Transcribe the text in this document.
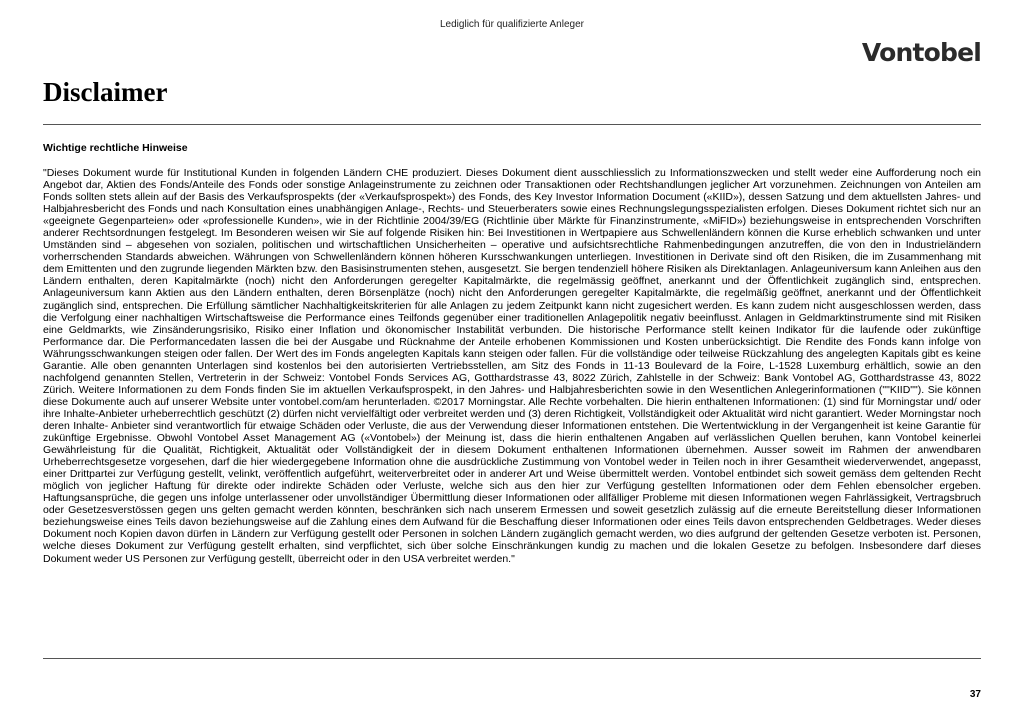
Lediglich für qualifizierte Anleger
Vontobel
Disclaimer
Wichtige rechtliche Hinweise

"Dieses Dokument wurde für Institutional Kunden in folgenden Ländern CHE produziert. Dieses Dokument dient ausschliesslich zu Informationszwecken und stellt weder eine Aufforderung noch ein Angebot dar, Aktien des Fonds/Anteile des Fonds oder sonstige Anlageinstrumente zu zeichnen oder Transaktionen oder Rechtshandlungen jeglicher Art vorzunehmen. Zeichnungen von Anteilen am Fonds sollten stets allein auf der Basis des Verkaufsprospekts (der «Verkaufsprospekt») des Fonds, des Key Investor Information Document («KIID»), dessen Satzung und dem aktuellsten Jahres- und Halbjahresbericht des Fonds und nach Konsultation eines unabhängigen Anlage-, Rechts- und Steuerberaters sowie eines Rechnungslegungsspezialisten erfolgen. Dieses Dokument richtet sich nur an «geeignete Gegenparteien» oder «professionelle Kunden», wie in der Richtlinie 2004/39/EG (Richtlinie über Märkte für Finanzinstrumente, «MiFID») beziehungsweise in entsprechenden Vorschriften anderer Rechtsordnungen festgelegt. Im Besonderen weisen wir Sie auf folgende Risiken hin: Bei Investitionen in Wertpapiere aus Schwellenländern können die Kurse erheblich schwanken und unter Umständen sind – abgesehen von sozialen, politischen und wirtschaftlichen Unsicherheiten – operative und aufsichtsrechtliche Rahmenbedingungen anzutreffen, die von den in Industrieländern vorherrschenden Standards abweichen. Währungen von Schwellenländern können höheren Kursschwankungen unterliegen. Investitionen in Derivate sind oft den Risiken, die im Zusammenhang mit dem Emittenten und den zugrunde liegenden Märkten bzw. den Basisinstrumenten stehen, ausgesetzt. Sie bergen tendenziell höhere Risiken als Direktanlagen. Anlageuniversum kann Anleihen aus den Ländern enthalten, deren Kapitalmärkte (noch) nicht den Anforderungen geregelter Kapitalmärkte, die regelmässig geöffnet, anerkannt und der Öffentlichkeit zugänglich sind, entsprechen. Anlageuniversum kann Aktien aus den Ländern enthalten, deren Börsenplätze (noch) nicht den Anforderungen geregelter Kapitalmärkte, die regelmäßig geöffnet, anerkannt und der Öffentlichkeit zugänglich sind, entsprechen. Die Erfüllung sämtlicher Nachhaltigkeitskriterien für alle Anlagen zu jedem Zeitpunkt kann nicht zugesichert werden. Es kann zudem nicht ausgeschlossen werden, dass die Verfolgung einer nachhaltigen Wirtschaftsweise die Performance eines Teilfonds gegenüber einer traditionellen Anlagepolitik negativ beeinflusst. Anlagen in Geldmarktinstrumente sind mit Risiken eine Geldmarkts, wie Zinsänderungsrisiko, Risiko einer Inflation und ökonomischer Instabilität verbunden. Die historische Performance stellt keinen Indikator für die laufende oder zukünftige Performance dar. Die Performancedaten lassen die bei der Ausgabe und Rücknahme der Anteile erhobenen Kommissionen und Kosten unberücksichtigt. Die Rendite des Fonds kann infolge von Währungsschwankungen steigen oder fallen. Der Wert des im Fonds angelegten Kapitals kann steigen oder fallen. Für die vollständige oder teilweise Rückzahlung des angelegten Kapitals gibt es keine Garantie. Alle oben genannten Unterlagen sind kostenlos bei den autorisierten Vertriebsstellen, am Sitz des Fonds in 11-13 Boulevard de la Foire, L-1528 Luxemburg erhältlich, sowie an den nachfolgend genannten Stellen, Vertreterin in der Schweiz: Vontobel Fonds Services AG, Gotthardstrasse 43, 8022 Zürich, Zahlstelle in der Schweiz: Bank Vontobel AG, Gotthardstrasse 43, 8022 Zürich. Weitere Informationen zu dem Fonds finden Sie im aktuellen Verkaufsprospekt, in den Jahres- und Halbjahresberichten sowie in den Wesentlichen Anlegerinformationen (""KIID""). Sie können diese Dokumente auch auf unserer Website unter vontobel.com/am herunterladen. ©2017 Morningstar. Alle Rechte vorbehalten. Die hierin enthaltenen Informationen: (1) sind für Morningstar und/ oder ihre Inhalte-Anbieter urheberrechtlich geschützt (2) dürfen nicht vervielfältigt oder verbreitet werden und (3) deren Richtigkeit, Vollständigkeit oder Aktualität wird nicht garantiert. Weder Morningstar noch deren Inhalte- Anbieter sind verantwortlich für etwaige Schäden oder Verluste, die aus der Verwendung dieser Informationen entstehen. Die Wertentwicklung in der Vergangenheit ist keine Garantie für zukünftige Ergebnisse. Obwohl Vontobel Asset Management AG («Vontobel») der Meinung ist, dass die hierin enthaltenen Angaben auf verlässlichen Quellen beruhen, kann Vontobel keinerlei Gewährleistung für die Qualität, Richtigkeit, Aktualität oder Vollständigkeit der in diesem Dokument enthaltenen Informationen übernehmen. Ausser soweit im Rahmen der anwendbaren Urheberrechtsgesetze vorgesehen, darf die hier wiedergegebene Information ohne die ausdrückliche Zustimmung von Vontobel weder in Teilen noch in ihrer Gesamtheit wiederverwendet, angepasst, einer Drittpartei zur Verfügung gestellt, velinkt, veröffentlich aufgeführt, weiterverbreitet oder in anderer Art und Weise übermittelt werden. Vontobel entbindet sich soweit gemäss dem geltenden Recht möglich von jeglicher Haftung für direkte oder indirekte Schäden oder Verluste, welche sich aus den hier zur Verfügung gestellten Informationen oder dem Fehlen ebensolcher ergeben. Haftungsansprüche, die gegen uns infolge unterlassener oder unvollständiger Übermittlung dieser Informationen oder allfälliger Probleme mit diesen Informationen wegen Fahrlässigkeit, Vertragsbruch oder Gesetzesverstössen gegen uns gelten gemacht werden könnten, beschränken sich nach unserem Ermessen und soweit gesetzlich zulässig auf die erneute Bereitstellung dieser Informationen beziehungsweise eines Teils davon beziehungsweise auf die Zahlung eines dem Aufwand für die Beschaffung dieser Informationen oder eines Teils davon entsprechenden Geldbetrages. Weder dieses Dokument noch Kopien davon dürfen in Ländern zur Verfügung gestellt oder Personen in solchen Ländern zugänglich gemacht werden, wo dies aufgrund der geltenden Gesetze verboten ist. Personen, welche dieses Dokument zur Verfügung gestellt erhalten, sind verpflichtet, sich über solche Einschränkungen kundig zu machen und die lokalen Gesetze zu befolgen. Insbesondere darf dieses Dokument weder US Personen zur Verfügung gestellt, überreicht oder in den USA verbreitet werden."

37
